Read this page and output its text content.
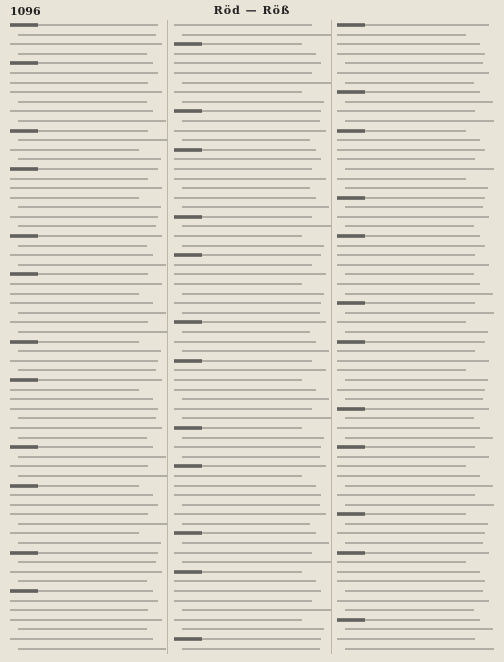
1096	Röd — Röß
